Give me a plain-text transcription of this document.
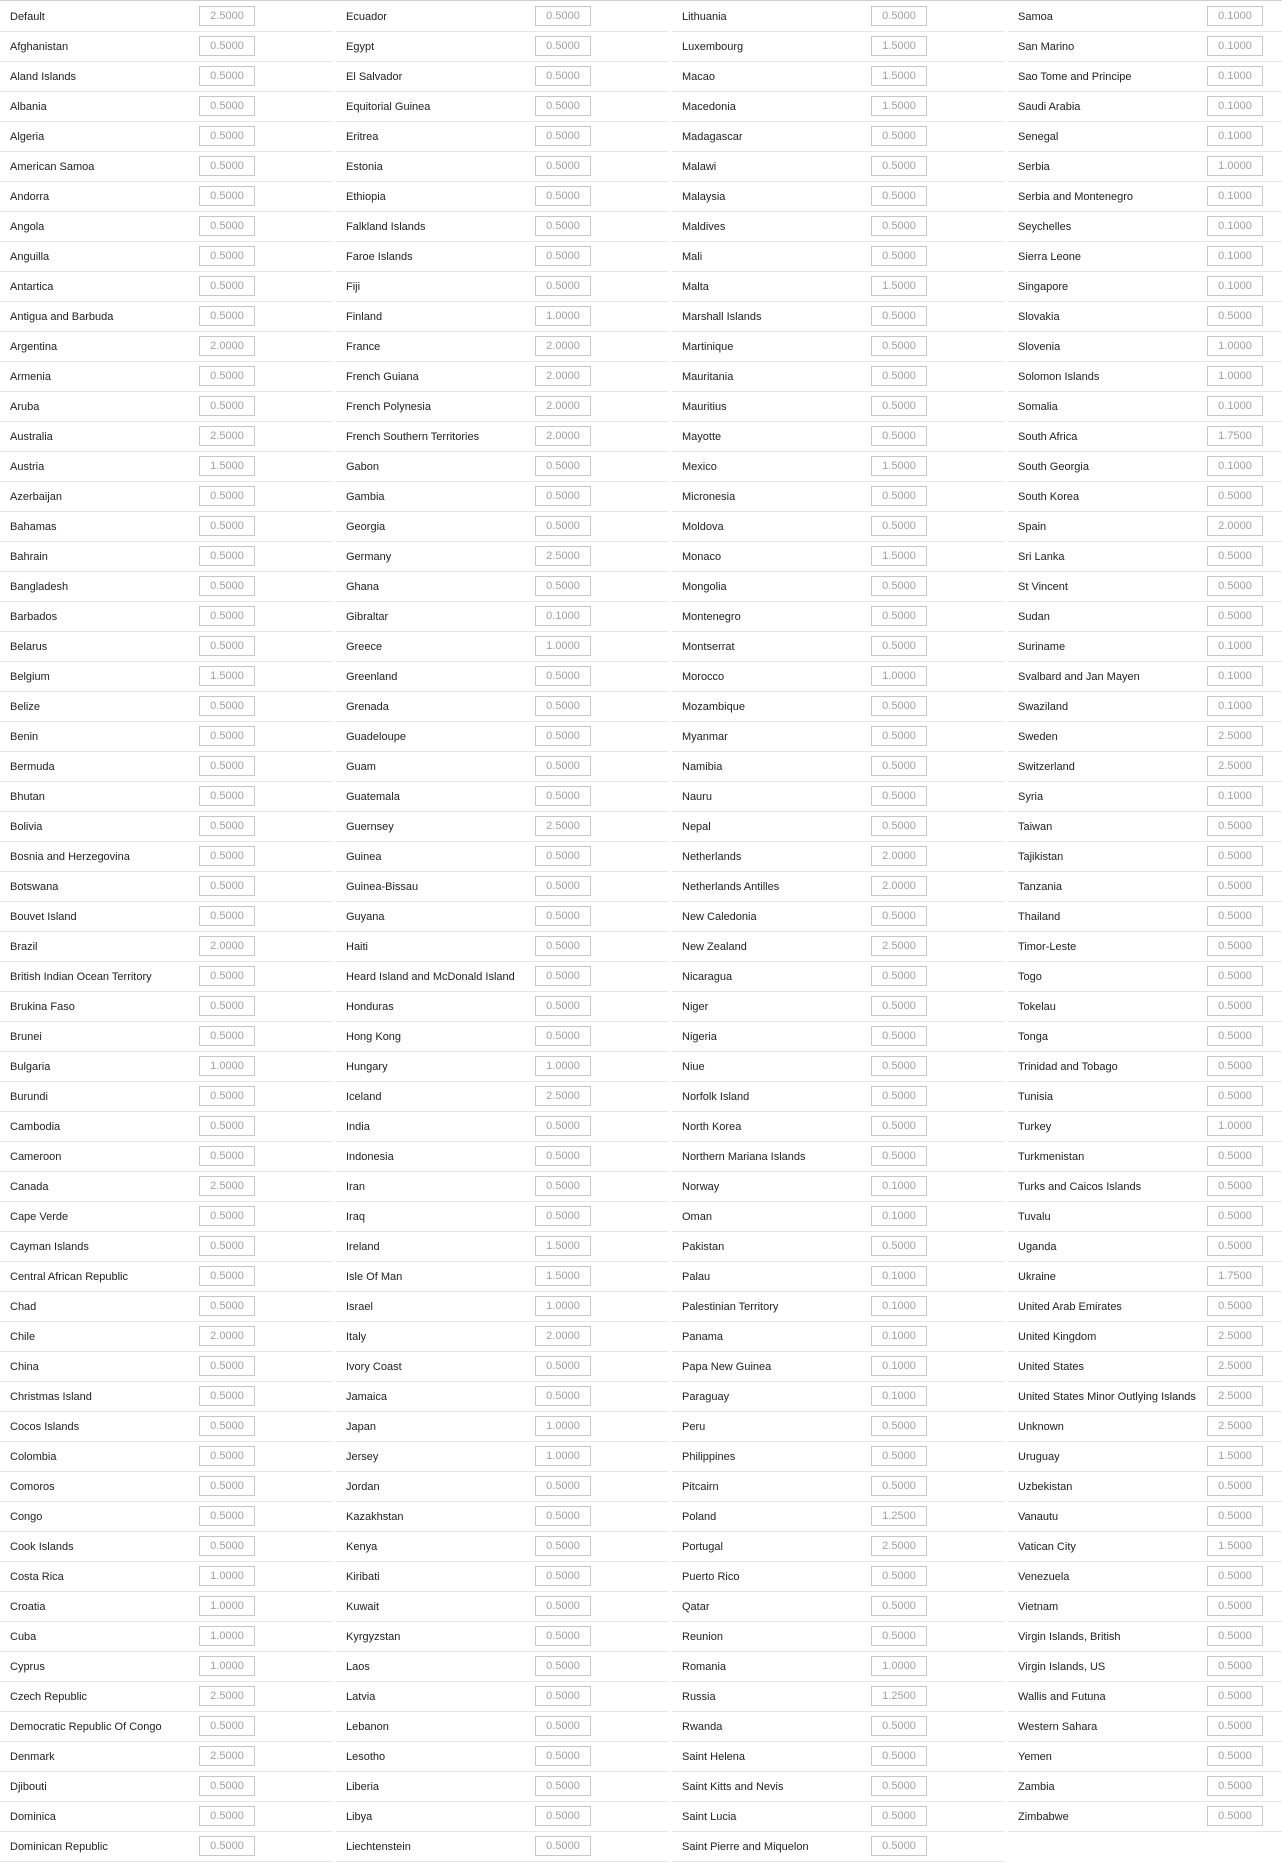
Default
2.5000
Afghanistan
0.5000
Aland Islands
0.5000
Albania
0.5000
Algeria
0.5000
American Samoa
0.5000
Andorra
0.5000
Angola
0.5000
Anguilla
0.5000
Antartica
0.5000
Antigua and Barbuda
0.5000
Argentina
2.0000
Armenia
0.5000
Aruba
0.5000
Australia
2.5000
Austria
1.5000
Azerbaijan
0.5000
Bahamas
0.5000
Bahrain
0.5000
Bangladesh
0.5000
Barbados
0.5000
Belarus
0.5000
Belgium
1.5000
Belize
0.5000
Benin
0.5000
Bermuda
0.5000
Bhutan
0.5000
Bolivia
0.5000
Bosnia and Herzegovina
0.5000
Botswana
0.5000
Bouvet Island
0.5000
Brazil
2.0000
British Indian Ocean Territory
0.5000
Brukina Faso
0.5000
Brunei
0.5000
Bulgaria
1.0000
Burundi
0.5000
Cambodia
0.5000
Cameroon
0.5000
Canada
2.5000
Cape Verde
0.5000
Cayman Islands
0.5000
Central African Republic
0.5000
Chad
0.5000
Chile
2.0000
China
0.5000
Christmas Island
0.5000
Cocos Islands
0.5000
Colombia
0.5000
Comoros
0.5000
Congo
0.5000
Cook Islands
0.5000
Costa Rica
1.0000
Croatia
1.0000
Cuba
1.0000
Cyprus
1.0000
Czech Republic
2.5000
Democratic Republic Of Congo
0.5000
Denmark
2.5000
Djibouti
0.5000
Dominica
0.5000
Dominican Republic
0.5000
Ecuador
0.5000
Egypt
0.5000
El Salvador
0.5000
Equitorial Guinea
0.5000
Eritrea
0.5000
Estonia
0.5000
Ethiopia
0.5000
Falkland Islands
0.5000
Faroe Islands
0.5000
Fiji
0.5000
Finland
1.0000
France
2.0000
French Guiana
2.0000
French Polynesia
2.0000
French Southern Territories
2.0000
Gabon
0.5000
Gambia
0.5000
Georgia
0.5000
Germany
2.5000
Ghana
0.5000
Gibraltar
0.1000
Greece
1.0000
Greenland
0.5000
Grenada
0.5000
Guadeloupe
0.5000
Guam
0.5000
Guatemala
0.5000
Guernsey
2.5000
Guinea
0.5000
Guinea-Bissau
0.5000
Guyana
0.5000
Haiti
0.5000
Heard Island and McDonald Island
0.5000
Honduras
0.5000
Hong Kong
0.5000
Hungary
1.0000
Iceland
2.5000
India
0.5000
Indonesia
0.5000
Iran
0.5000
Iraq
0.5000
Ireland
1.5000
Isle Of Man
1.5000
Israel
1.0000
Italy
2.0000
Ivory Coast
0.5000
Jamaica
0.5000
Japan
1.0000
Jersey
1.0000
Jordan
0.5000
Kazakhstan
0.5000
Kenya
0.5000
Kiribati
0.5000
Kuwait
0.5000
Kyrgyzstan
0.5000
Laos
0.5000
Latvia
0.5000
Lebanon
0.5000
Lesotho
0.5000
Liberia
0.5000
Libya
0.5000
Liechtenstein
0.5000
Lithuania
0.5000
Luxembourg
1.5000
Macao
1.5000
Macedonia
1.5000
Madagascar
0.5000
Malawi
0.5000
Malaysia
0.5000
Maldives
0.5000
Mali
0.5000
Malta
1.5000
Marshall Islands
0.5000
Martinique
0.5000
Mauritania
0.5000
Mauritius
0.5000
Mayotte
0.5000
Mexico
1.5000
Micronesia
0.5000
Moldova
0.5000
Monaco
1.5000
Mongolia
0.5000
Montenegro
0.5000
Montserrat
0.5000
Morocco
1.0000
Mozambique
0.5000
Myanmar
0.5000
Namibia
0.5000
Nauru
0.5000
Nepal
0.5000
Netherlands
2.0000
Netherlands Antilles
2.0000
New Caledonia
0.5000
New Zealand
2.5000
Nicaragua
0.5000
Niger
0.5000
Nigeria
0.5000
Niue
0.5000
Norfolk Island
0.5000
North Korea
0.5000
Northern Mariana Islands
0.5000
Norway
0.1000
Oman
0.1000
Pakistan
0.5000
Palau
0.1000
Palestinian Territory
0.1000
Panama
0.1000
Papa New Guinea
0.1000
Paraguay
0.1000
Peru
0.5000
Philippines
0.5000
Pitcairn
0.5000
Poland
1.2500
Portugal
2.5000
Puerto Rico
0.5000
Qatar
0.5000
Reunion
0.5000
Romania
1.0000
Russia
1.2500
Rwanda
0.5000
Saint Helena
0.5000
Saint Kitts and Nevis
0.5000
Saint Lucia
0.5000
Saint Pierre and Miquelon
0.5000
Samoa
0.1000
San Marino
0.1000
Sao Tome and Principe
0.1000
Saudi Arabia
0.1000
Senegal
0.1000
Serbia
1.0000
Serbia and Montenegro
0.1000
Seychelles
0.1000
Sierra Leone
0.1000
Singapore
0.1000
Slovakia
0.5000
Slovenia
1.0000
Solomon Islands
1.0000
Somalia
0.1000
South Africa
1.7500
South Georgia
0.1000
South Korea
0.5000
Spain
2.0000
Sri Lanka
0.5000
St Vincent
0.5000
Sudan
0.5000
Suriname
0.1000
Svalbard and Jan Mayen
0.1000
Swaziland
0.1000
Sweden
2.5000
Switzerland
2.5000
Syria
0.1000
Taiwan
0.5000
Tajikistan
0.5000
Tanzania
0.5000
Thailand
0.5000
Timor-Leste
0.5000
Togo
0.5000
Tokelau
0.5000
Tonga
0.5000
Trinidad and Tobago
0.5000
Tunisia
0.5000
Turkey
1.0000
Turkmenistan
0.5000
Turks and Caicos Islands
0.5000
Tuvalu
0.5000
Uganda
0.5000
Ukraine
1.7500
United Arab Emirates
0.5000
United Kingdom
2.5000
United States
2.5000
United States Minor Outlying Islands
2.5000
Unknown
2.5000
Uruguay
1.5000
Uzbekistan
0.5000
Vanautu
0.5000
Vatican City
1.5000
Venezuela
0.5000
Vietnam
0.5000
Virgin Islands, British
0.5000
Virgin Islands, US
0.5000
Wallis and Futuna
0.5000
Western Sahara
0.5000
Yemen
0.5000
Zambia
0.5000
Zimbabwe
0.5000
